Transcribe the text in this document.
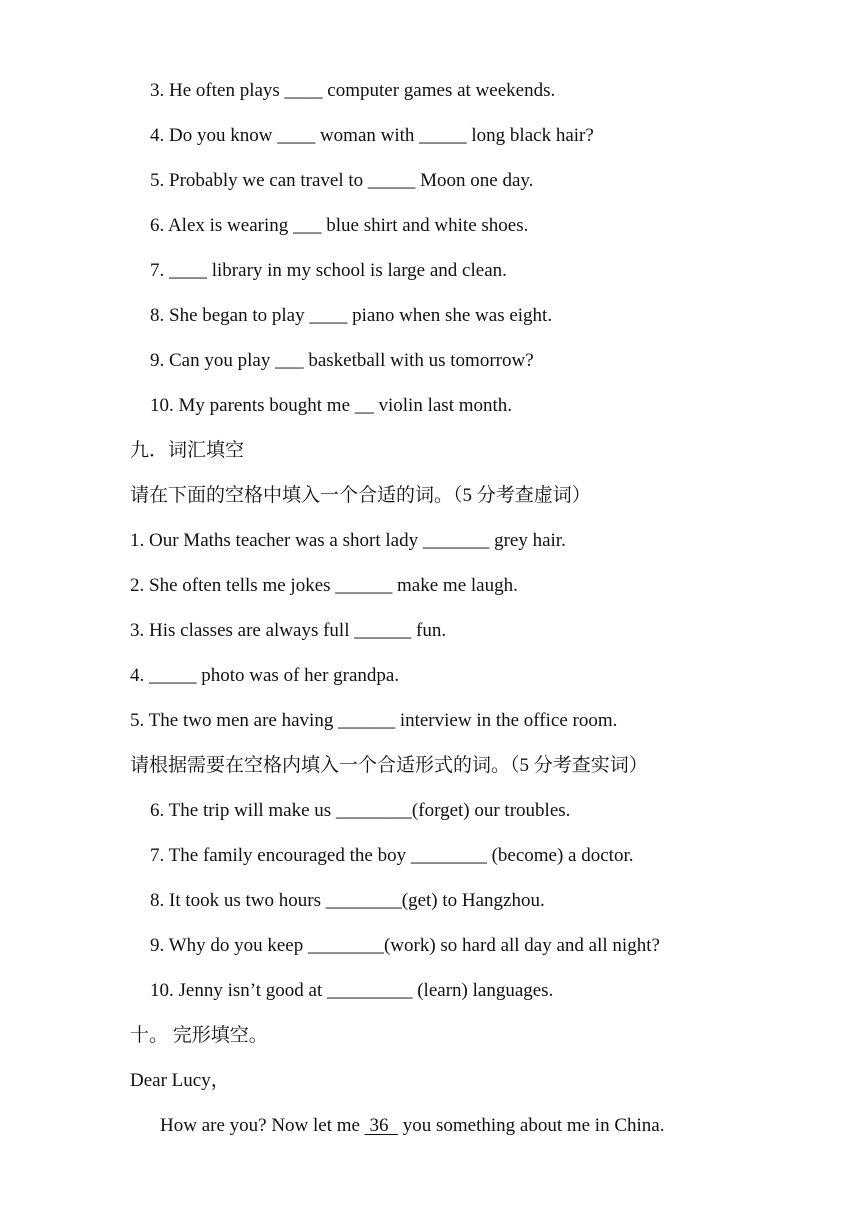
3. He often plays ____ computer games at weekends.
4. Do you know ____ woman with _____ long black hair?
5. Probably we can travel to _____ Moon one day.
6. Alex is wearing ___ blue shirt and white shoes.
7. ____ library in my school is large and clean.
8. She began to play ____ piano when she was eight.
9. Can you play ___ basketball with us tomorrow?
10. My parents bought me __ violin last month.
九．词汇填空
请在下面的空格中填入一个合适的词。（5 分考查虚词）
1. Our Maths teacher was a short lady _______ grey hair.
2. She often tells me jokes ______ make me laugh.
3. His classes are always full ______ fun.
4. _____ photo was of her grandpa.
5. The two men are having ______ interview in the office room.
请根据需要在空格内填入一个合适形式的词。（5 分考查实词）
6. The trip will make us ________(forget) our troubles.
7. The family encouraged the boy ________ (become) a doctor.
8. It took us two hours ________(get) to Hangzhou.
9. Why do you keep ________(work) so hard all day and all night?
10. Jenny isn’t good at _________ (learn) languages.
十。 完形填空。
Dear Lucy，
How are you? Now let me  36   you something about me in China.
